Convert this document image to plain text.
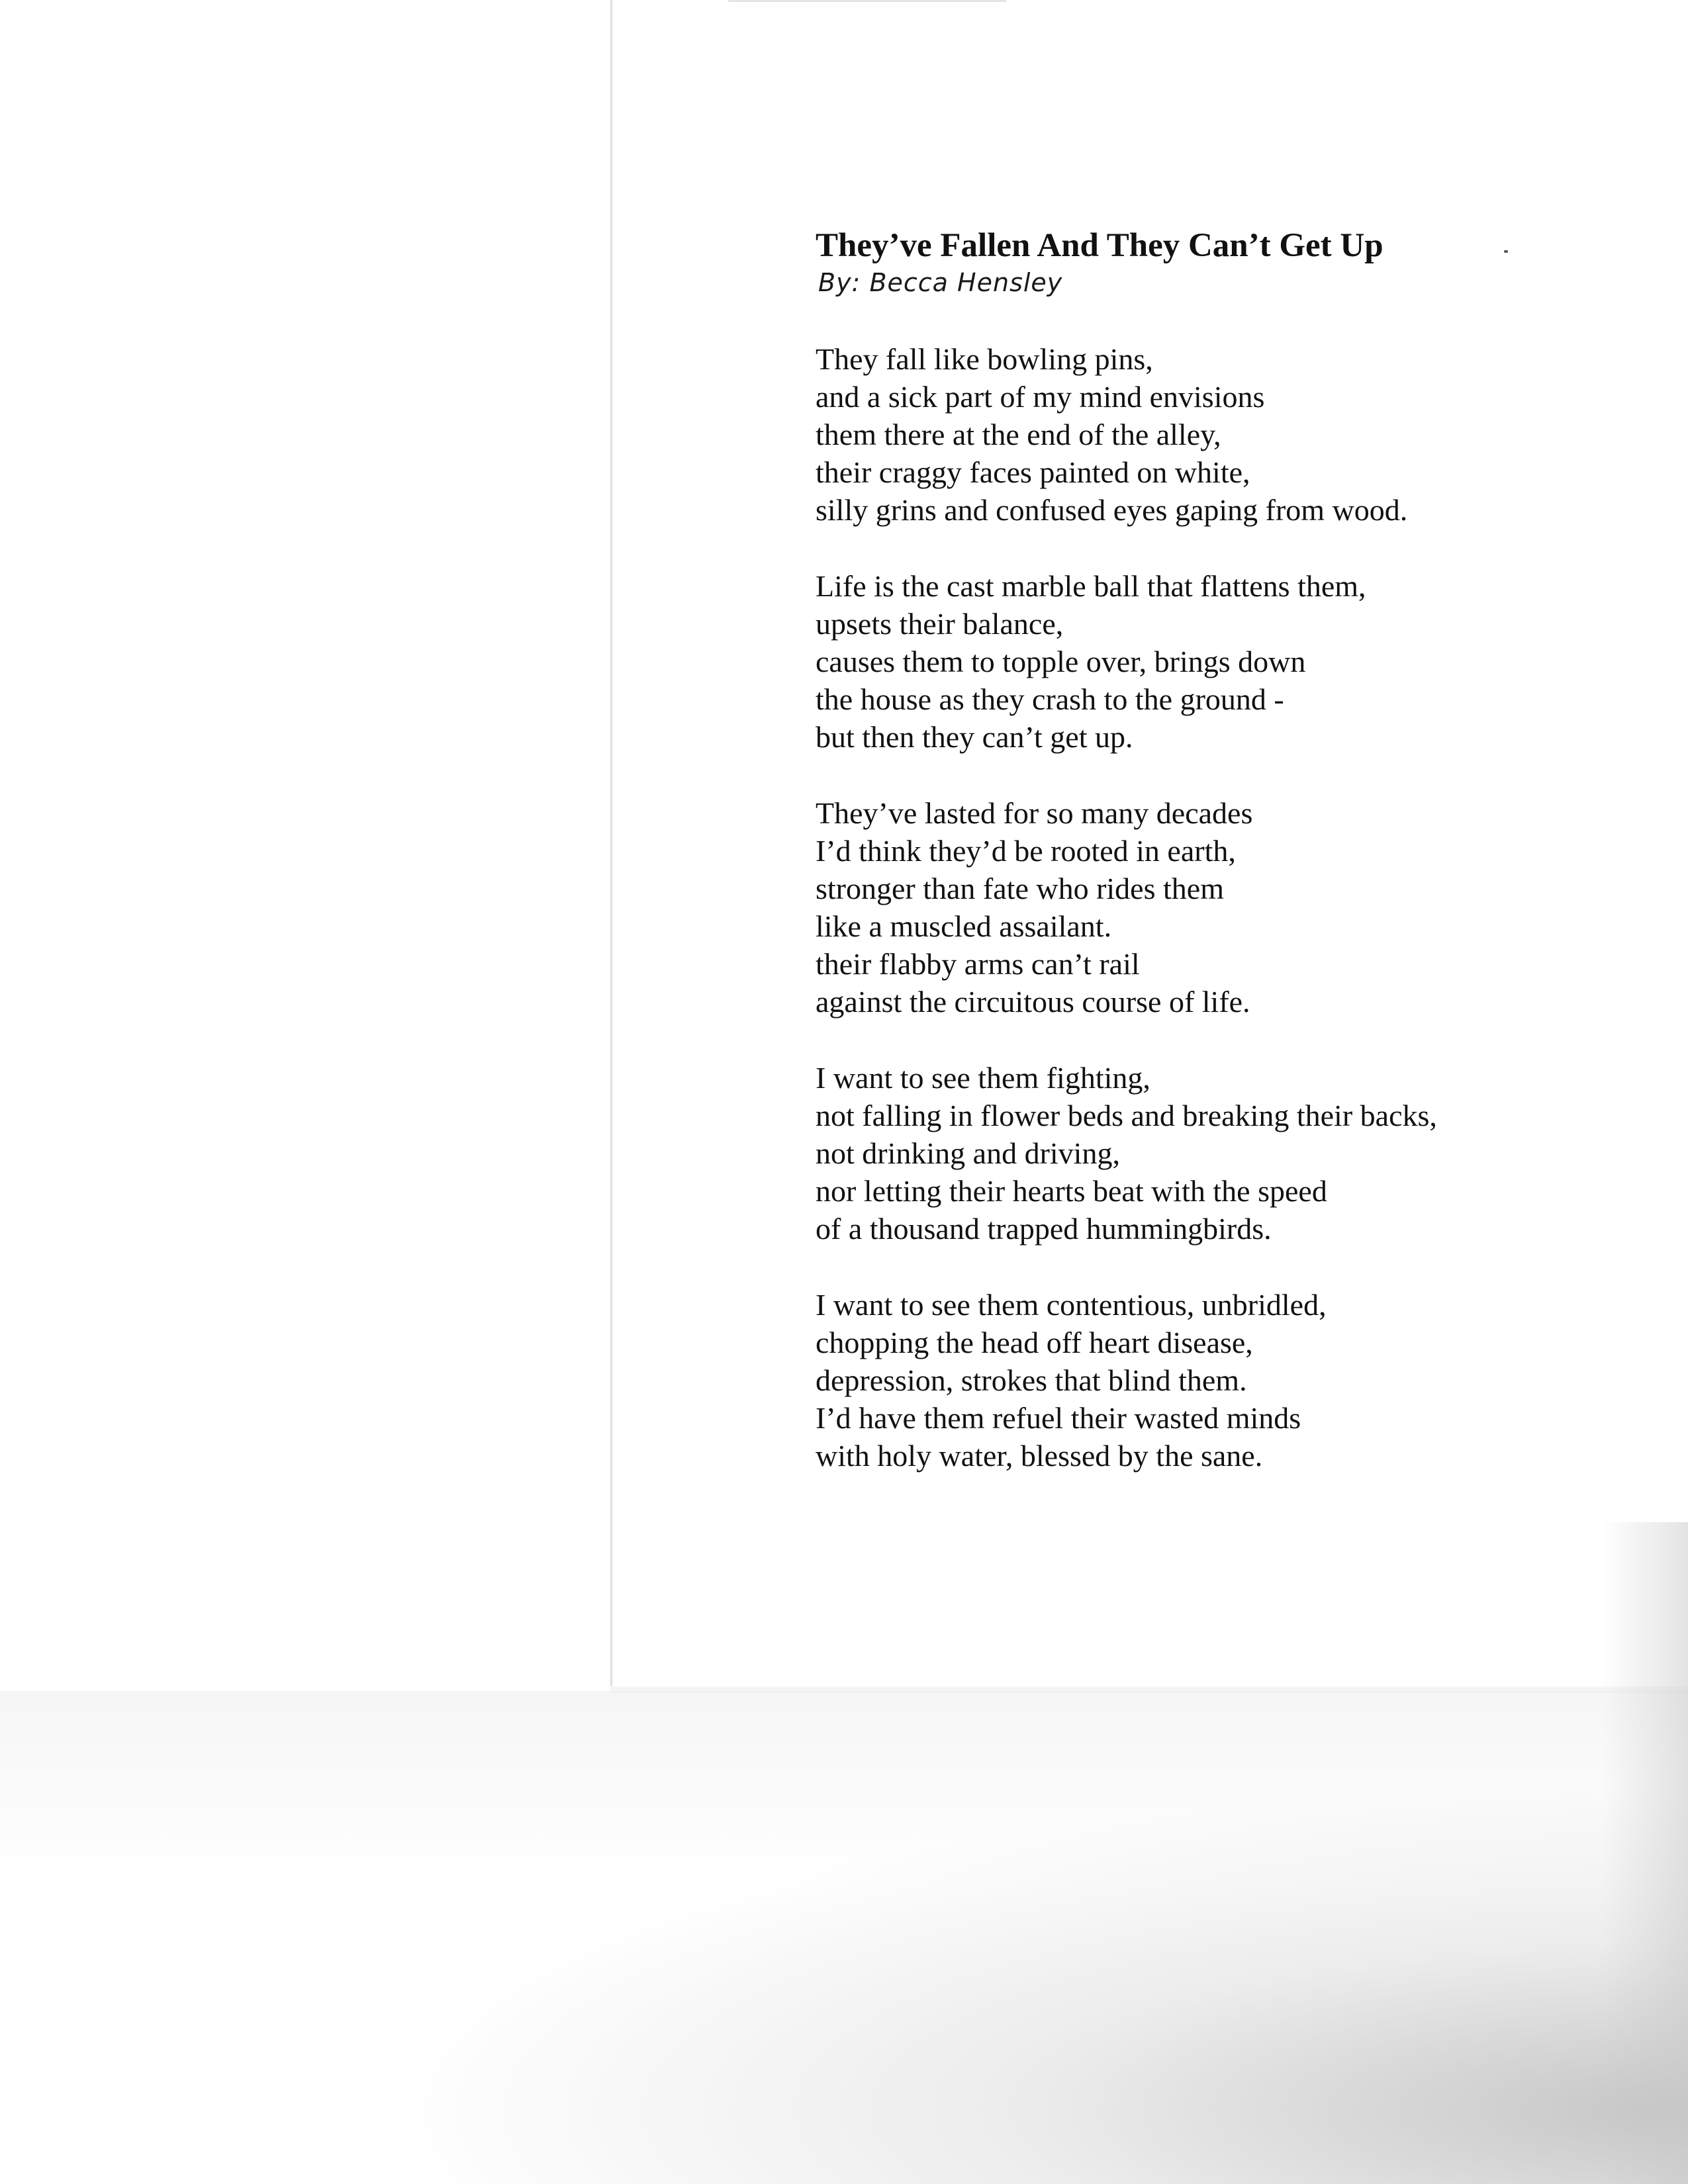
They’ve Fallen And They Can’t Get Up
By: Becca Hensley
They fall like bowling pins,
and a sick part of my mind envisions
them there at the end of the alley,
their craggy faces painted on white,
silly grins and confused eyes gaping from wood.
Life is the cast marble ball that flattens them,
upsets their balance,
causes them to topple over, brings down
the house as they crash to the ground -
but then they can’t get up.
They’ve lasted for so many decades
I’d think they’d be rooted in earth,
stronger than fate who rides them
like a muscled assailant.
their flabby arms can’t rail
against the circuitous course of life.
I want to see them fighting,
not falling in flower beds and breaking their backs,
not drinking and driving,
nor letting their hearts beat with the speed
of a thousand trapped hummingbirds.
I want to see them contentious, unbridled,
chopping the head off heart disease,
depression, strokes that blind them.
I’d have them refuel their wasted minds
with holy water, blessed by the sane.
